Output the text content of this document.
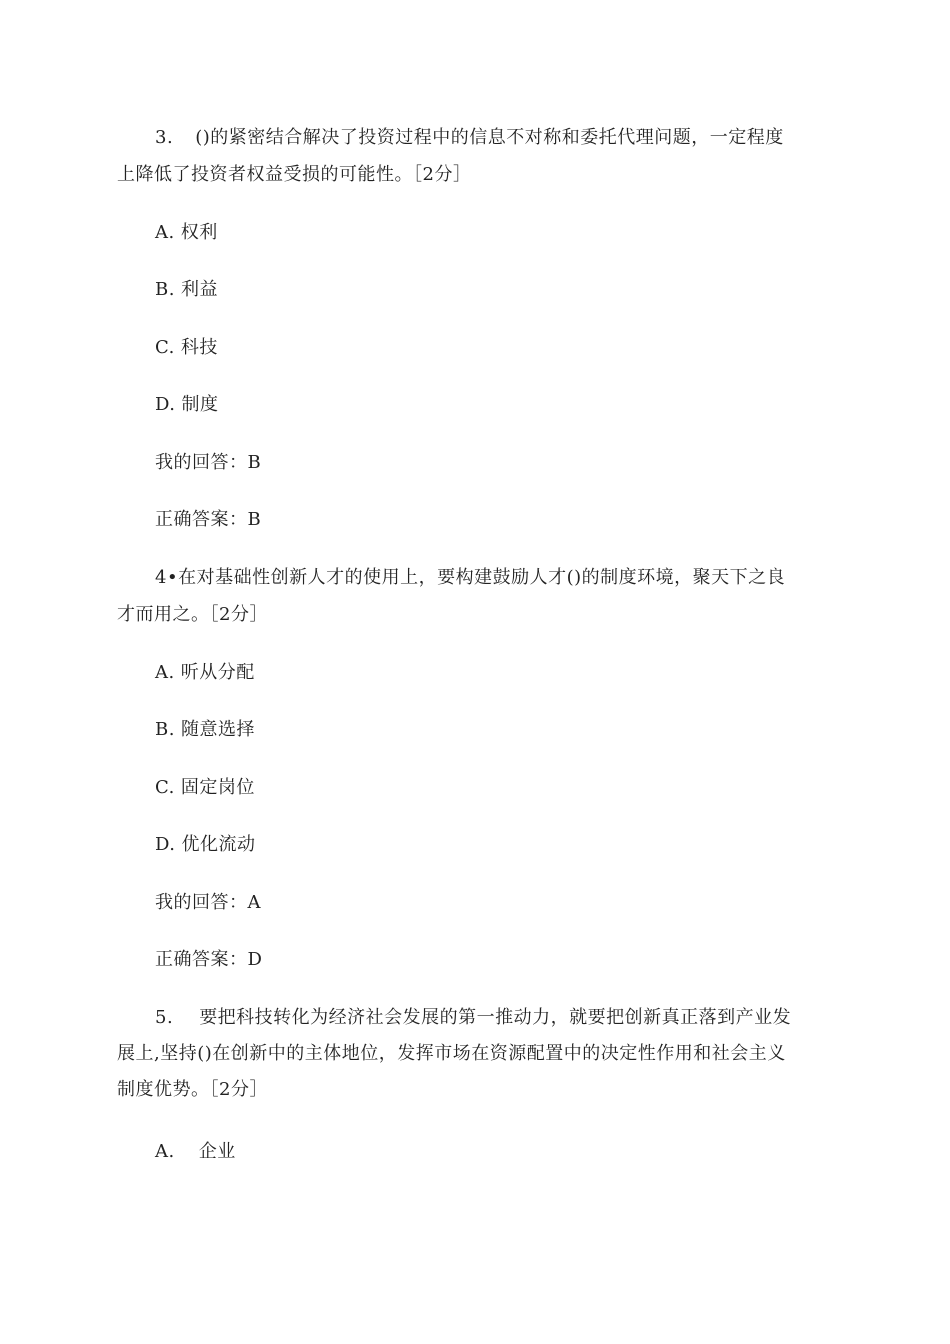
3. ()的紧密结合解决了投资过程中的信息不对称和委托代理问题，一定程度
上降低了投资者权益受损的可能性。［2分］
A. 权利
B. 利益
C. 科技
D. 制度
我的回答：B
正确答案：B
4•在对基础性创新人才的使用上，要构建鼓励人才()的制度环境，聚天下之良
才而用之。［2分］
A. 听从分配
B. 随意选择
C. 固定岗位
D. 优化流动
我的回答：A
正确答案：D
5. 要把科技转化为经济社会发展的第一推动力，就要把创新真正落到产业发
展上,坚持()在创新中的主体地位，发挥市场在资源配置中的决定性作用和社会主义
制度优势。［2分］
A. 企业
